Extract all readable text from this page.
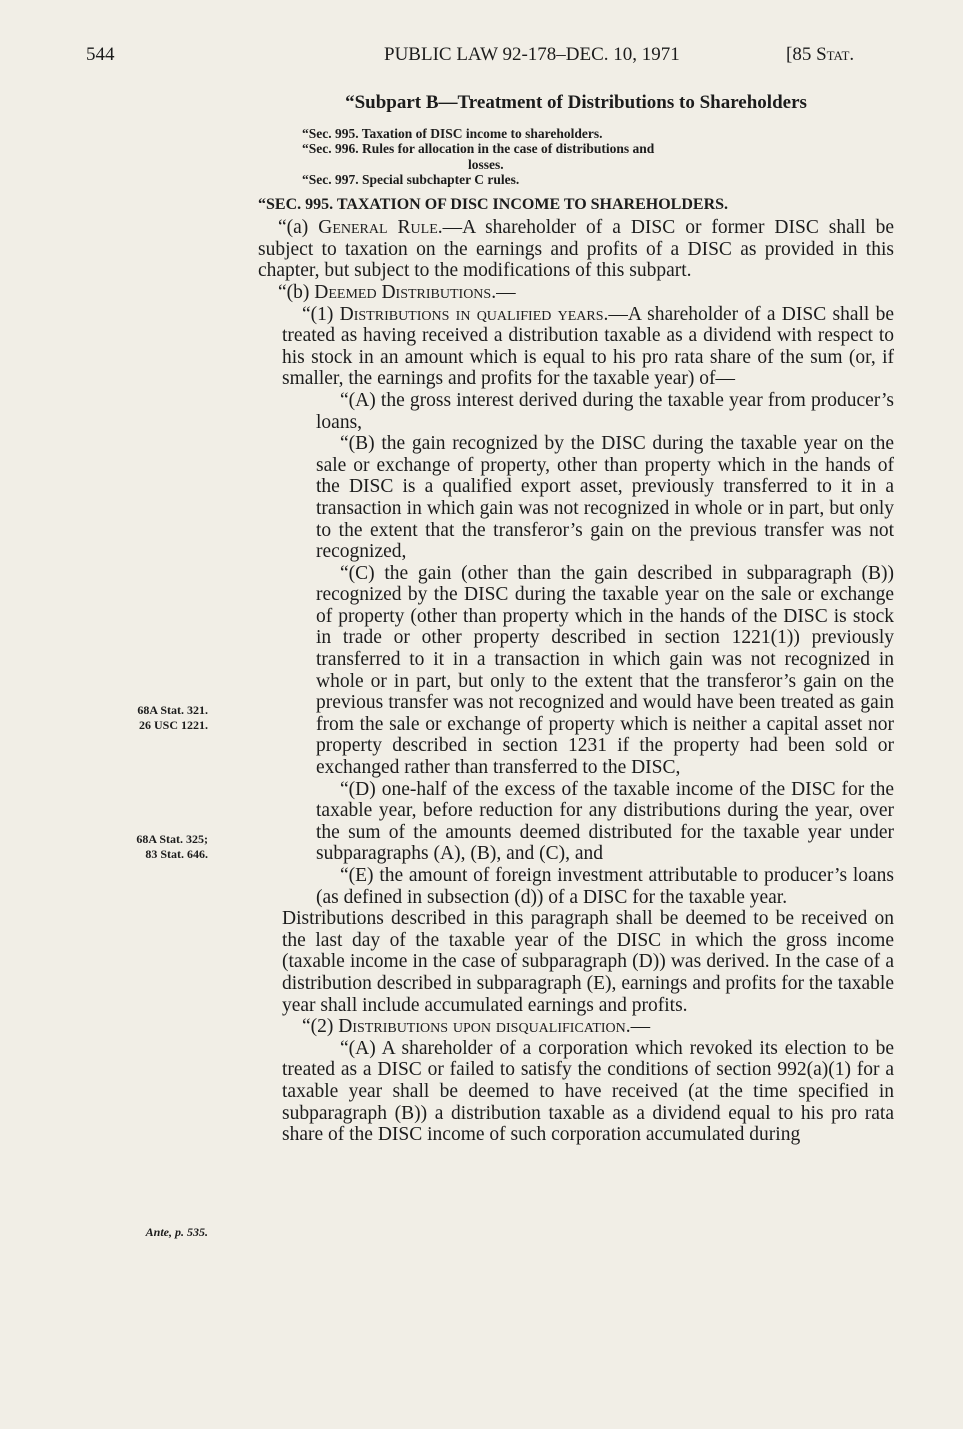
544	PUBLIC LAW 92-178–DEC. 10, 1971	[85 Stat.
68A Stat. 321.
26 USC 1221.
68A Stat. 325;
83 Stat. 646.
Ante, p. 535.

“Subpart B—Treatment of Distributions to Shareholders

“Sec. 995. Taxation of DISC income to shareholders.

“Sec. 996. Rules for allocation in the case of distributions and

losses.

“Sec. 997. Special subchapter C rules.

“SEC. 995. TAXATION OF DISC INCOME TO SHAREHOLDERS.

“(a) General Rule.—A shareholder of a DISC or former DISC shall be subject to taxation on the earnings and profits of a DISC as provided in this chapter, but subject to the modifications of this subpart.

“(b) Deemed Distributions.—

“(1) Distributions in qualified years.—A shareholder of a DISC shall be treated as having received a distribution taxable as a dividend with respect to his stock in an amount which is equal to his pro rata share of the sum (or, if smaller, the earnings and profits for the taxable year) of—

“(A) the gross interest derived during the taxable year from producer’s loans,

“(B) the gain recognized by the DISC during the taxable year on the sale or exchange of property, other than property which in the hands of the DISC is a qualified export asset, previously transferred to it in a transaction in which gain was not recognized in whole or in part, but only to the extent that the transferor’s gain on the previous transfer was not recognized,

“(C) the gain (other than the gain described in subparagraph (B)) recognized by the DISC during the taxable year on the sale or exchange of property (other than property which in the hands of the DISC is stock in trade or other property described in section 1221(1)) previously transferred to it in a transaction in which gain was not recognized in whole or in part, but only to the extent that the transferor’s gain on the previous transfer was not recognized and would have been treated as gain from the sale or exchange of property which is neither a capital asset nor property described in section 1231 if the property had been sold or exchanged rather than transferred to the DISC,

“(D) one-half of the excess of the taxable income of the DISC for the taxable year, before reduction for any distributions during the year, over the sum of the amounts deemed distributed for the taxable year under subparagraphs (A), (B), and (C), and

“(E) the amount of foreign investment attributable to producer’s loans (as defined in subsection (d)) of a DISC for the taxable year.

Distributions described in this paragraph shall be deemed to be received on the last day of the taxable year of the DISC in which the gross income (taxable income in the case of subparagraph (D)) was derived. In the case of a distribution described in subparagraph (E), earnings and profits for the taxable year shall include accumulated earnings and profits.

“(2) Distributions upon disqualification.—

“(A) A shareholder of a corporation which revoked its election to be treated as a DISC or failed to satisfy the conditions of section 992(a)(1) for a taxable year shall be deemed to have received (at the time specified in subparagraph (B)) a distribution taxable as a dividend equal to his pro rata share of the DISC income of such corporation accumulated during
